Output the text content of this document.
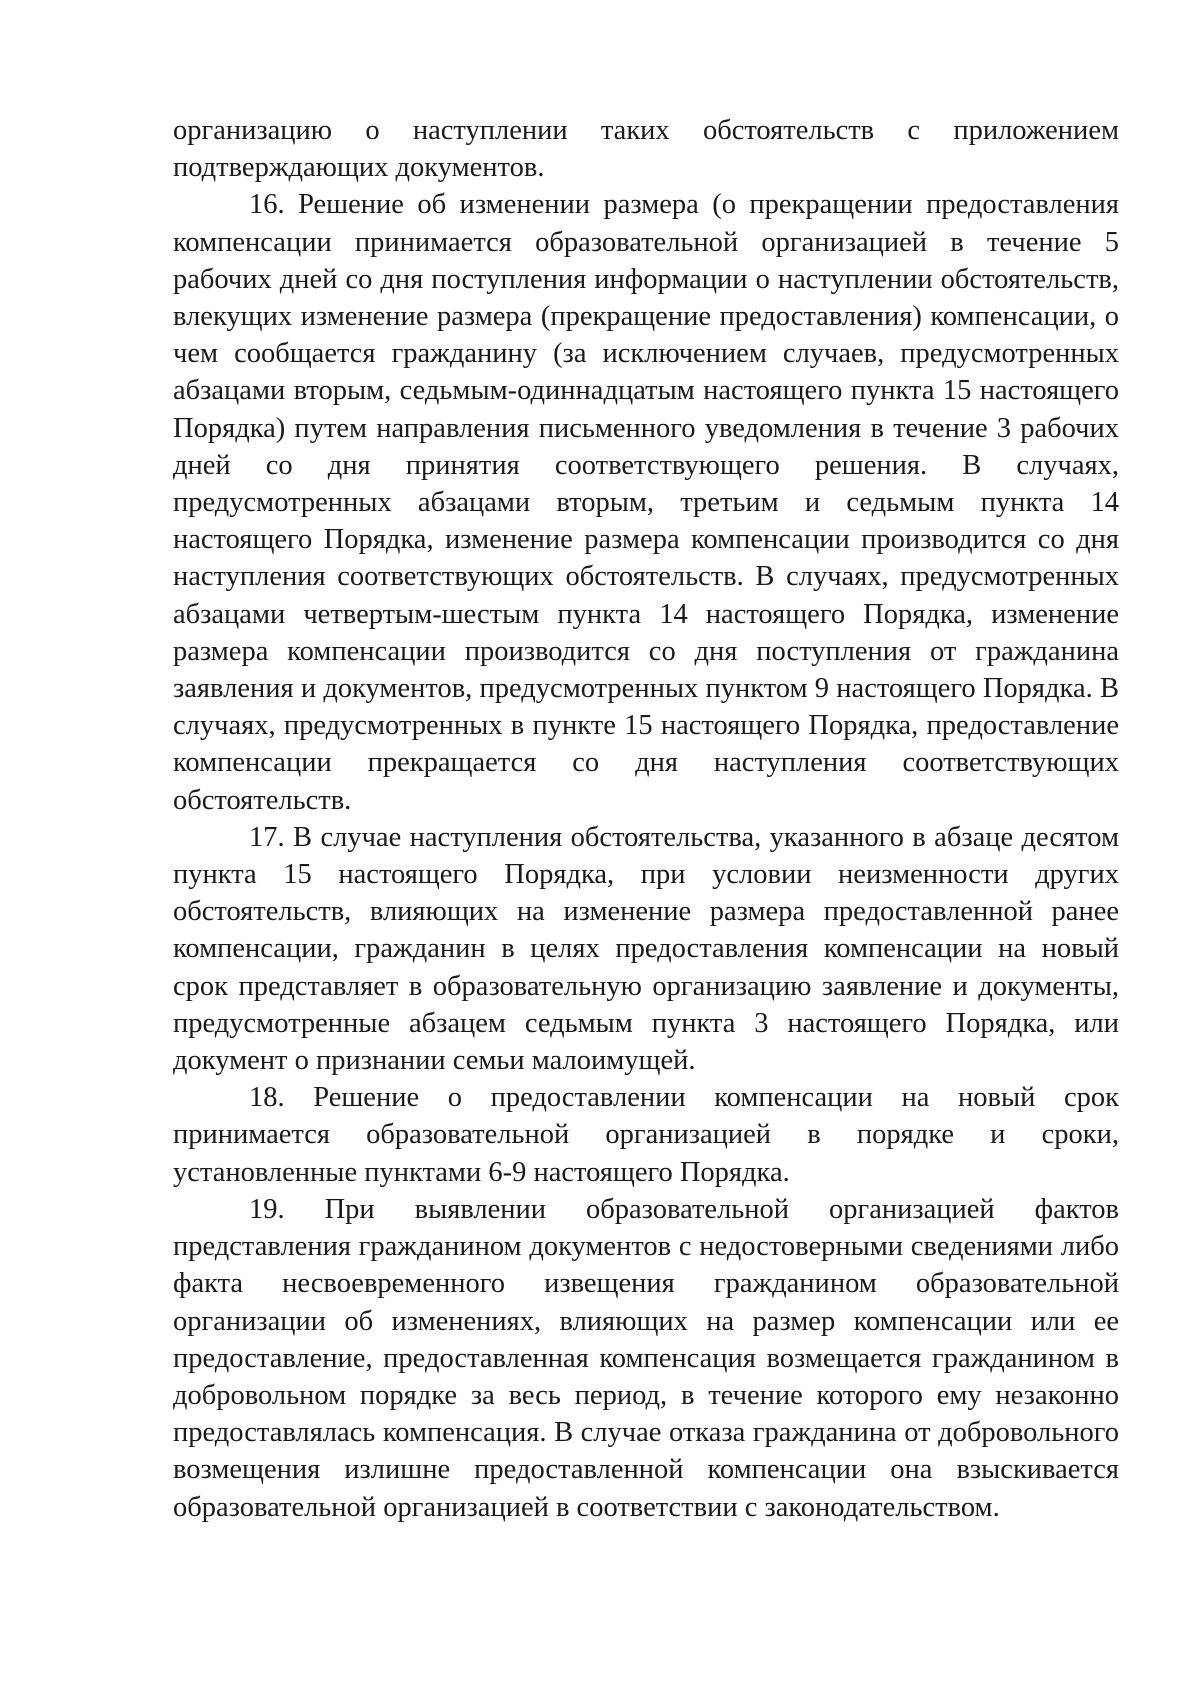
организацию о наступлении таких обстоятельств с приложением подтверждающих документов.

16. Решение об изменении размера (о прекращении предоставления компенсации принимается образовательной организацией в течение 5 рабочих дней со дня поступления информации о наступлении обстоятельств, влекущих изменение размера (прекращение предоставления) компенсации, о чем сообщается гражданину (за исключением случаев, предусмотренных абзацами вторым, седьмым-одиннадцатым настоящего пункта 15 настоящего Порядка) путем направления письменного уведомления в течение 3 рабочих дней со дня принятия соответствующего решения. В случаях, предусмотренных абзацами вторым, третьим и седьмым пункта 14 настоящего Порядка, изменение размера компенсации производится со дня наступления соответствующих обстоятельств. В случаях, предусмотренных абзацами четвертым-шестым пункта 14 настоящего Порядка, изменение размера компенсации производится со дня поступления от гражданина заявления и документов, предусмотренных пунктом 9 настоящего Порядка. В случаях, предусмотренных в пункте 15 настоящего Порядка, предоставление компенсации прекращается со дня наступления соответствующих обстоятельств.

17. В случае наступления обстоятельства, указанного в абзаце десятом пункта 15 настоящего Порядка, при условии неизменности других обстоятельств, влияющих на изменение размера предоставленной ранее компенсации, гражданин в целях предоставления компенсации на новый срок представляет в образовательную организацию заявление и документы, предусмотренные абзацем седьмым пункта 3 настоящего Порядка, или документ о признании семьи малоимущей.

18. Решение о предоставлении компенсации на новый срок принимается образовательной организацией в порядке и сроки, установленные пунктами 6-9 настоящего Порядка.

19. При выявлении образовательной организацией фактов представления гражданином документов с недостоверными сведениями либо факта несвоевременного извещения гражданином образовательной организации об изменениях, влияющих на размер компенсации или ее предоставление, предоставленная компенсация возмещается гражданином в добровольном порядке за весь период, в течение которого ему незаконно предоставлялась компенсация. В случае отказа гражданина от добровольного возмещения излишне предоставленной компенсации она взыскивается образовательной организацией в соответствии с законодательством.
